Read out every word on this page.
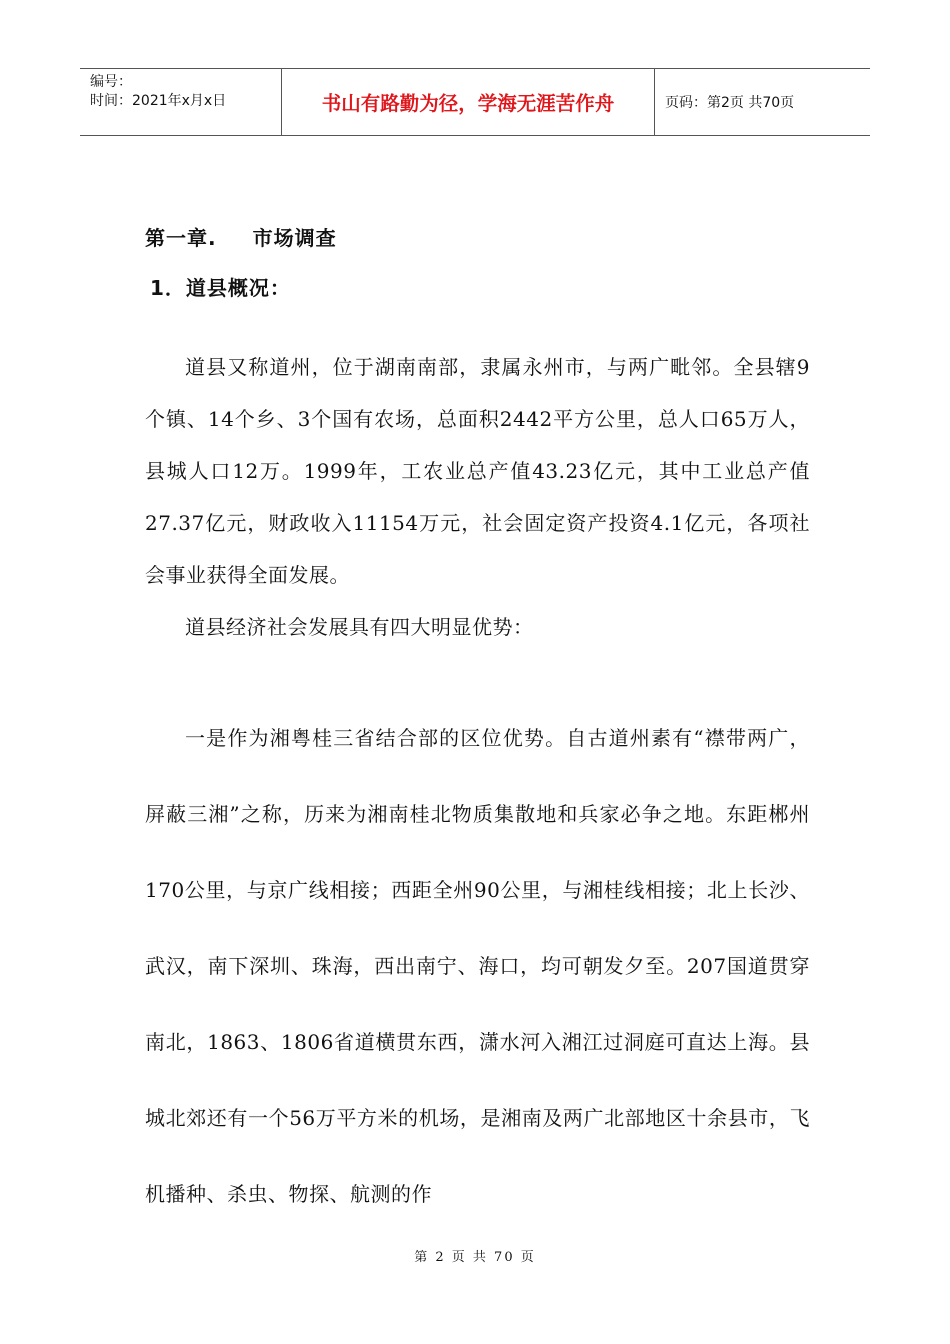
编号：
时间：2021年x月x日	书山有路勤为径，学海无涯苦作舟	页码：第2页 共70页
第一章. 市场调查
1．道县概况：

道县又称道州，位于湖南南部，隶属永州市，与两广毗邻。全县辖9个镇、14个乡、3个国有农场，总面积2442平方公里，总人口65万人，县城人口12万。1999年，工农业总产值43.23亿元，其中工业总产值27.37亿元，财政收入11154万元，社会固定资产投资4.1亿元，各项社会事业获得全面发展。

道县经济社会发展具有四大明显优势：

一是作为湘粤桂三省结合部的区位优势。自古道州素有“襟带两广，屏蔽三湘”之称，历来为湘南桂北物质集散地和兵家必争之地。东距郴州170公里，与京广线相接；西距全州90公里，与湘桂线相接；北上长沙、武汉，南下深圳、珠海，西出南宁、海口，均可朝发夕至。207国道贯穿南北，1863、1806省道横贯东西，潇水河入湘江过洞庭可直达上海。县城北郊还有一个56万平方米的机场，是湘南及两广北部地区十余县市，飞机播种、杀虫、物探、航测的作

第 2 页 共 70 页
